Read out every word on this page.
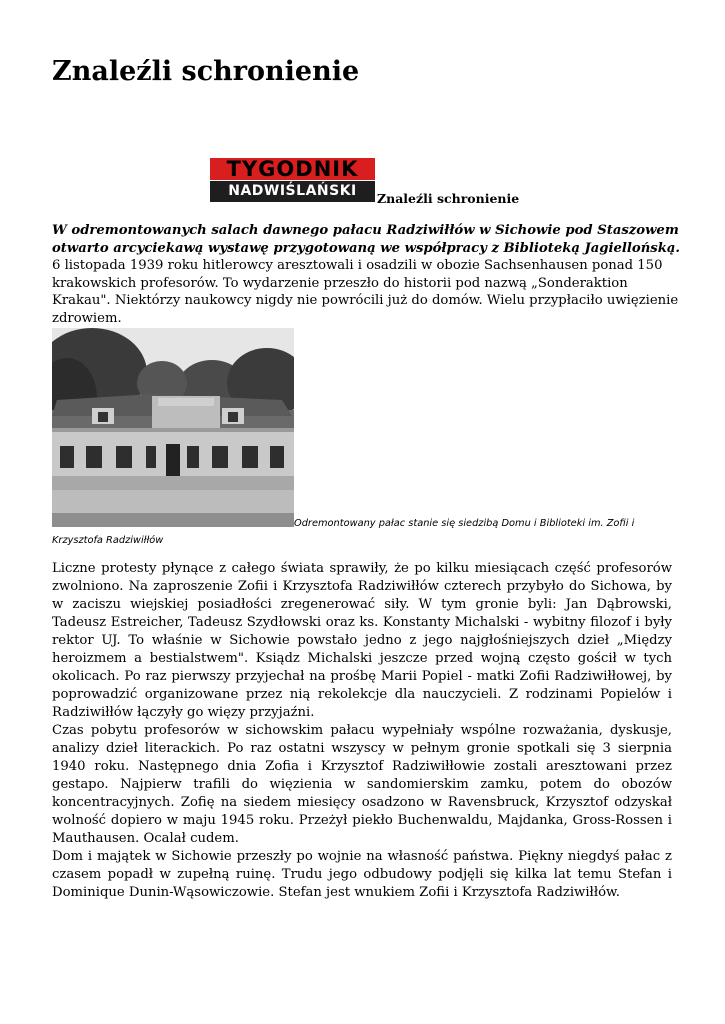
Znaleźli schronienie
TYGODNIK
NADWIŚLAŃSKI	Znaleźli schronienie

W odremontowanych salach dawnego pałacu Radziwiłłów w Sichowie pod Staszowem otwarto arcyciekawą wystawę przygotowaną we współpracy z Biblioteką Jagiellońską.
6 listopada 1939 roku hitlerowcy aresztowali i osadzili w obozie Sachsenhausen ponad 150 krakowskich profesorów. To wydarzenie przeszło do historii pod nazwą „Sonderaktion Krakau". Niektórzy naukowcy nigdy nie powrócili już do domów. Wielu przypłaciło uwięzienie zdrowiem.

Odremontowany pałac stanie się siedzibą Domu i Biblioteki im. Zofii i Krzysztofa Radziwiłłów

Liczne protesty płynące z całego świata sprawiły, że po kilku miesiącach część profesorów zwolniono. Na zaproszenie Zofii i Krzysztofa Radziwiłłów czterech przybyło do Sichowa, by w zaciszu wiejskiej posiadłości zregenerować siły. W tym gronie byli: Jan Dąbrowski, Tadeusz Estreicher, Tadeusz Szydłowski oraz ks. Konstanty Michalski - wybitny filozof i były rektor UJ. To właśnie w Sichowie powstało jedno z jego najgłośniejszych dzieł „Między heroizmem a bestialstwem". Ksiądz Michalski jeszcze przed wojną często gościł w tych okolicach. Po raz pierwszy przyjechał na prośbę Marii Popiel - matki Zofii Radziwiłłowej, by poprowadzić organizowane przez nią rekolekcje dla nauczycieli. Z rodzinami Popielów i Radziwiłłów łączyły go więzy przyjaźni.

Czas pobytu profesorów w sichowskim pałacu wypełniały wspólne rozważania, dyskusje, analizy dzieł literackich. Po raz ostatni wszyscy w pełnym gronie spotkali się 3 sierpnia 1940 roku. Następnego dnia Zofia i Krzysztof Radziwiłłowie zostali aresztowani przez gestapo. Najpierw trafili do więzienia w sandomierskim zamku, potem do obozów koncentracyjnych. Zofię na siedem miesięcy osadzono w Ravensbruck, Krzysztof odzyskał wolność dopiero w maju 1945 roku. Przeżył piekło Buchenwaldu, Majdanka, Gross-Rossen i Mauthausen. Ocalał cudem.

Dom i majątek w Sichowie przeszły po wojnie na własność państwa. Piękny niegdyś pałac z czasem popadł w zupełną ruinę. Trudu jego odbudowy podjęli się kilka lat temu Stefan i Dominique Dunin-Wąsowiczowie. Stefan jest wnukiem Zofii i Krzysztofa Radziwiłłów.
